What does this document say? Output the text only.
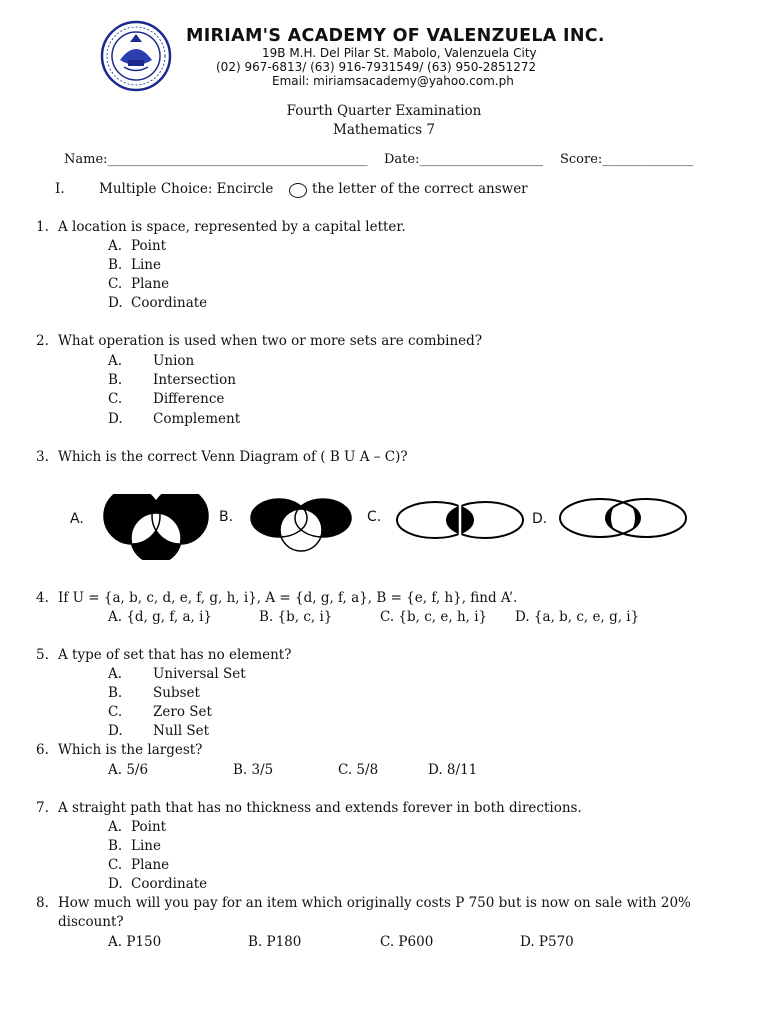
MIRIAM'S ACADEMY OF VALENZUELA INC.
19B M.H. Del Pilar St. Mabolo, Valenzuela City
(02) 967-6813/ (63) 916-7931549/ (63) 950-2851272
Email: miriamsacademy@yahoo.com.ph
Fourth Quarter Examination
Mathematics 7
Name:________________________________________ Date:___________________ Score:______________
I.	Multiple Choice: Encircle	the letter of the correct answer
1. A location is space, represented by a capital letter.
A. Point
B. Line
C. Plane
D. Coordinate
2. What operation is used when two or more sets are combined?
A. Union
B. Intersection
C. Difference
D. Complement
3. Which is the correct Venn Diagram of ( B U A – C)?
A.	B.	C.	D.
4. If U = {a, b, c, d, e, f, g, h, i}, A = {d, g, f, a}, B = {e, f, h}, find A’.
A. {d, g, f, a, i}	B. {b, c, i}	C. {b, c, e, h, i} D. {a, b, c, e, g, i}
5. A type of set that has no element?
A. Universal Set
B. Subset
C. Zero Set
D. Null Set
6. Which is the largest?
A. 5/6	B. 3/5	C. 5/8	D. 8/11
7. A straight path that has no thickness and extends forever in both directions.
A. Point
B. Line
C. Plane
D. Coordinate
8. How much will you pay for an item which originally costs P 750 but is now on sale with 20%
discount?
A. P150	B. P180	C. P600	D. P570
